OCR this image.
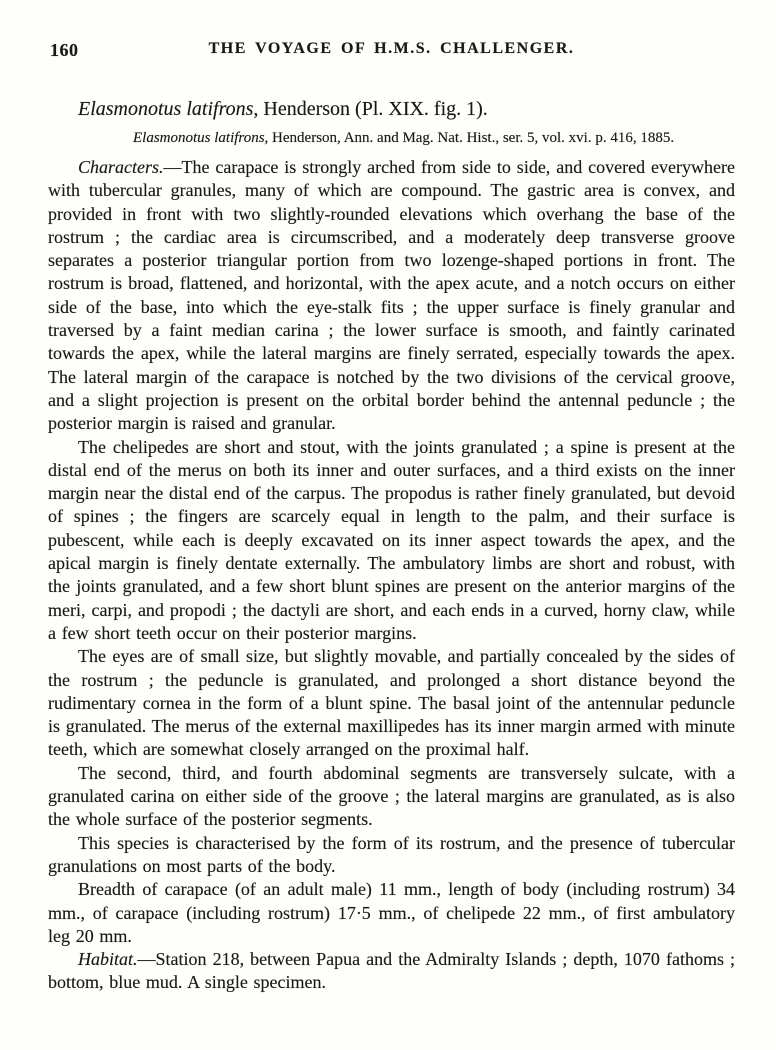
160	THE VOYAGE OF H.M.S. CHALLENGER.
Elasmonotus latifrons, Henderson (Pl. XIX. fig. 1).
Elasmonotus latifrons, Henderson, Ann. and Mag. Nat. Hist., ser. 5, vol. xvi. p. 416, 1885.

Characters.—The carapace is strongly arched from side to side, and covered everywhere with tubercular granules, many of which are compound. The gastric area is convex, and provided in front with two slightly-rounded elevations which overhang the base of the rostrum ; the cardiac area is circumscribed, and a moderately deep transverse groove separates a posterior triangular portion from two lozenge-shaped portions in front. The rostrum is broad, flattened, and horizontal, with the apex acute, and a notch occurs on either side of the base, into which the eye-stalk fits ; the upper surface is finely granular and traversed by a faint median carina ; the lower surface is smooth, and faintly carinated towards the apex, while the lateral margins are finely serrated, especially towards the apex. The lateral margin of the carapace is notched by the two divisions of the cervical groove, and a slight projection is present on the orbital border behind the antennal peduncle ; the posterior margin is raised and granular.

The chelipedes are short and stout, with the joints granulated ; a spine is present at the distal end of the merus on both its inner and outer surfaces, and a third exists on the inner margin near the distal end of the carpus. The propodus is rather finely granulated, but devoid of spines ; the fingers are scarcely equal in length to the palm, and their surface is pubescent, while each is deeply excavated on its inner aspect towards the apex, and the apical margin is finely dentate externally. The ambulatory limbs are short and robust, with the joints granulated, and a few short blunt spines are present on the anterior margins of the meri, carpi, and propodi ; the dactyli are short, and each ends in a curved, horny claw, while a few short teeth occur on their posterior margins.

The eyes are of small size, but slightly movable, and partially concealed by the sides of the rostrum ; the peduncle is granulated, and prolonged a short distance beyond the rudimentary cornea in the form of a blunt spine. The basal joint of the antennular peduncle is granulated. The merus of the external maxillipedes has its inner margin armed with minute teeth, which are somewhat closely arranged on the proximal half.

The second, third, and fourth abdominal segments are transversely sulcate, with a granulated carina on either side of the groove ; the lateral margins are granulated, as is also the whole surface of the posterior segments.

This species is characterised by the form of its rostrum, and the presence of tubercular granulations on most parts of the body.

Breadth of carapace (of an adult male) 11 mm., length of body (including rostrum) 34 mm., of carapace (including rostrum) 17·5 mm., of chelipede 22 mm., of first ambulatory leg 20 mm.

Habitat.—Station 218, between Papua and the Admiralty Islands ; depth, 1070 fathoms ; bottom, blue mud. A single specimen.
